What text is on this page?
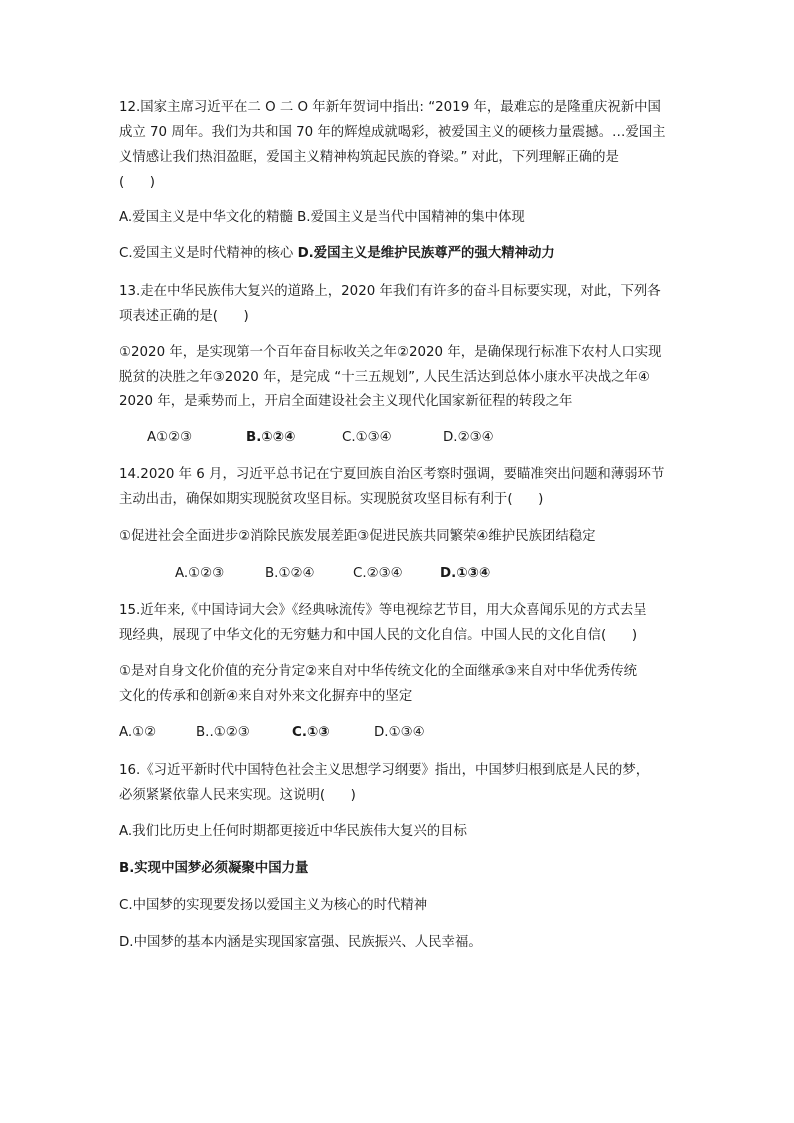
12.国家主席习近平在二 O 二 O 年新年贺词中指出: “2019 年，最难忘的是隆重庆祝新中国
成立 70 周年。我们为共和国 70 年的辉煌成就喝彩，被爱国主义的硬核力量震撼。…爱国主
义情感让我们热泪盈眶，爱国主义精神构筑起民族的脊梁。” 对此，下列理解正确的是
(      )
A.爱国主义是中华文化的精髓 B.爱国主义是当代中国精神的集中体现
C.爱国主义是时代精神的核心 D.爱国主义是维护民族尊严的强大精神动力
13.走在中华民族伟大复兴的道路上，2020 年我们有许多的奋斗目标要实现，对此，下列各
项表述正确的是(      )
①2020 年，是实现第一个百年奋目标收关之年②2020 年，是确保现行标准下农村人口实现
脱贫的决胜之年③2020 年，是完成 “十三五规划”, 人民生活达到总体小康水平决战之年④
2020 年，是乘势而上，开启全面建设社会主义现代化国家新征程的转段之年

A①②③

	B.①②④

	C.①③④

	D.②③④

14.2020 年 6 月，习近平总书记在宁夏回族自治区考察时强调，要瞄准突出问题和薄弱环节
主动出击，确保如期实现脱贫攻坚目标。实现脱贫攻坚目标有利于(      )
①促进社会全面进步②消除民族发展差距③促进民族共同繁荣④维护民族团结稳定

A.①②③

	B.①②④

	C.②③④

	D.①③④

15.近年来,《中国诗词大会》《经典咏流传》等电视综艺节目，用大众喜闻乐见的方式去呈
现经典，展现了中华文化的无穷魅力和中国人民的文化自信。中国人民的文化自信(      )
①是对自身文化价值的充分肯定②来自对中华传统文化的全面继承③来自对中华优秀传统
文化的传承和创新④来自对外来文化摒弃中的坚定

A.①②

	B..①②③

	C.①③

	D.①③④

16.《习近平新时代中国特色社会主义思想学习纲要》指出，中国梦归根到底是人民的梦，
必须紧紧依靠人民来实现。这说明(      )
A.我们比历史上任何时期都更接近中华民族伟大复兴的目标
B.实现中国梦必须凝聚中国力量
C.中国梦的实现要发扬以爱国主义为核心的时代精神
D.中国梦的基本内涵是实现国家富强、民族振兴、人民幸福。
